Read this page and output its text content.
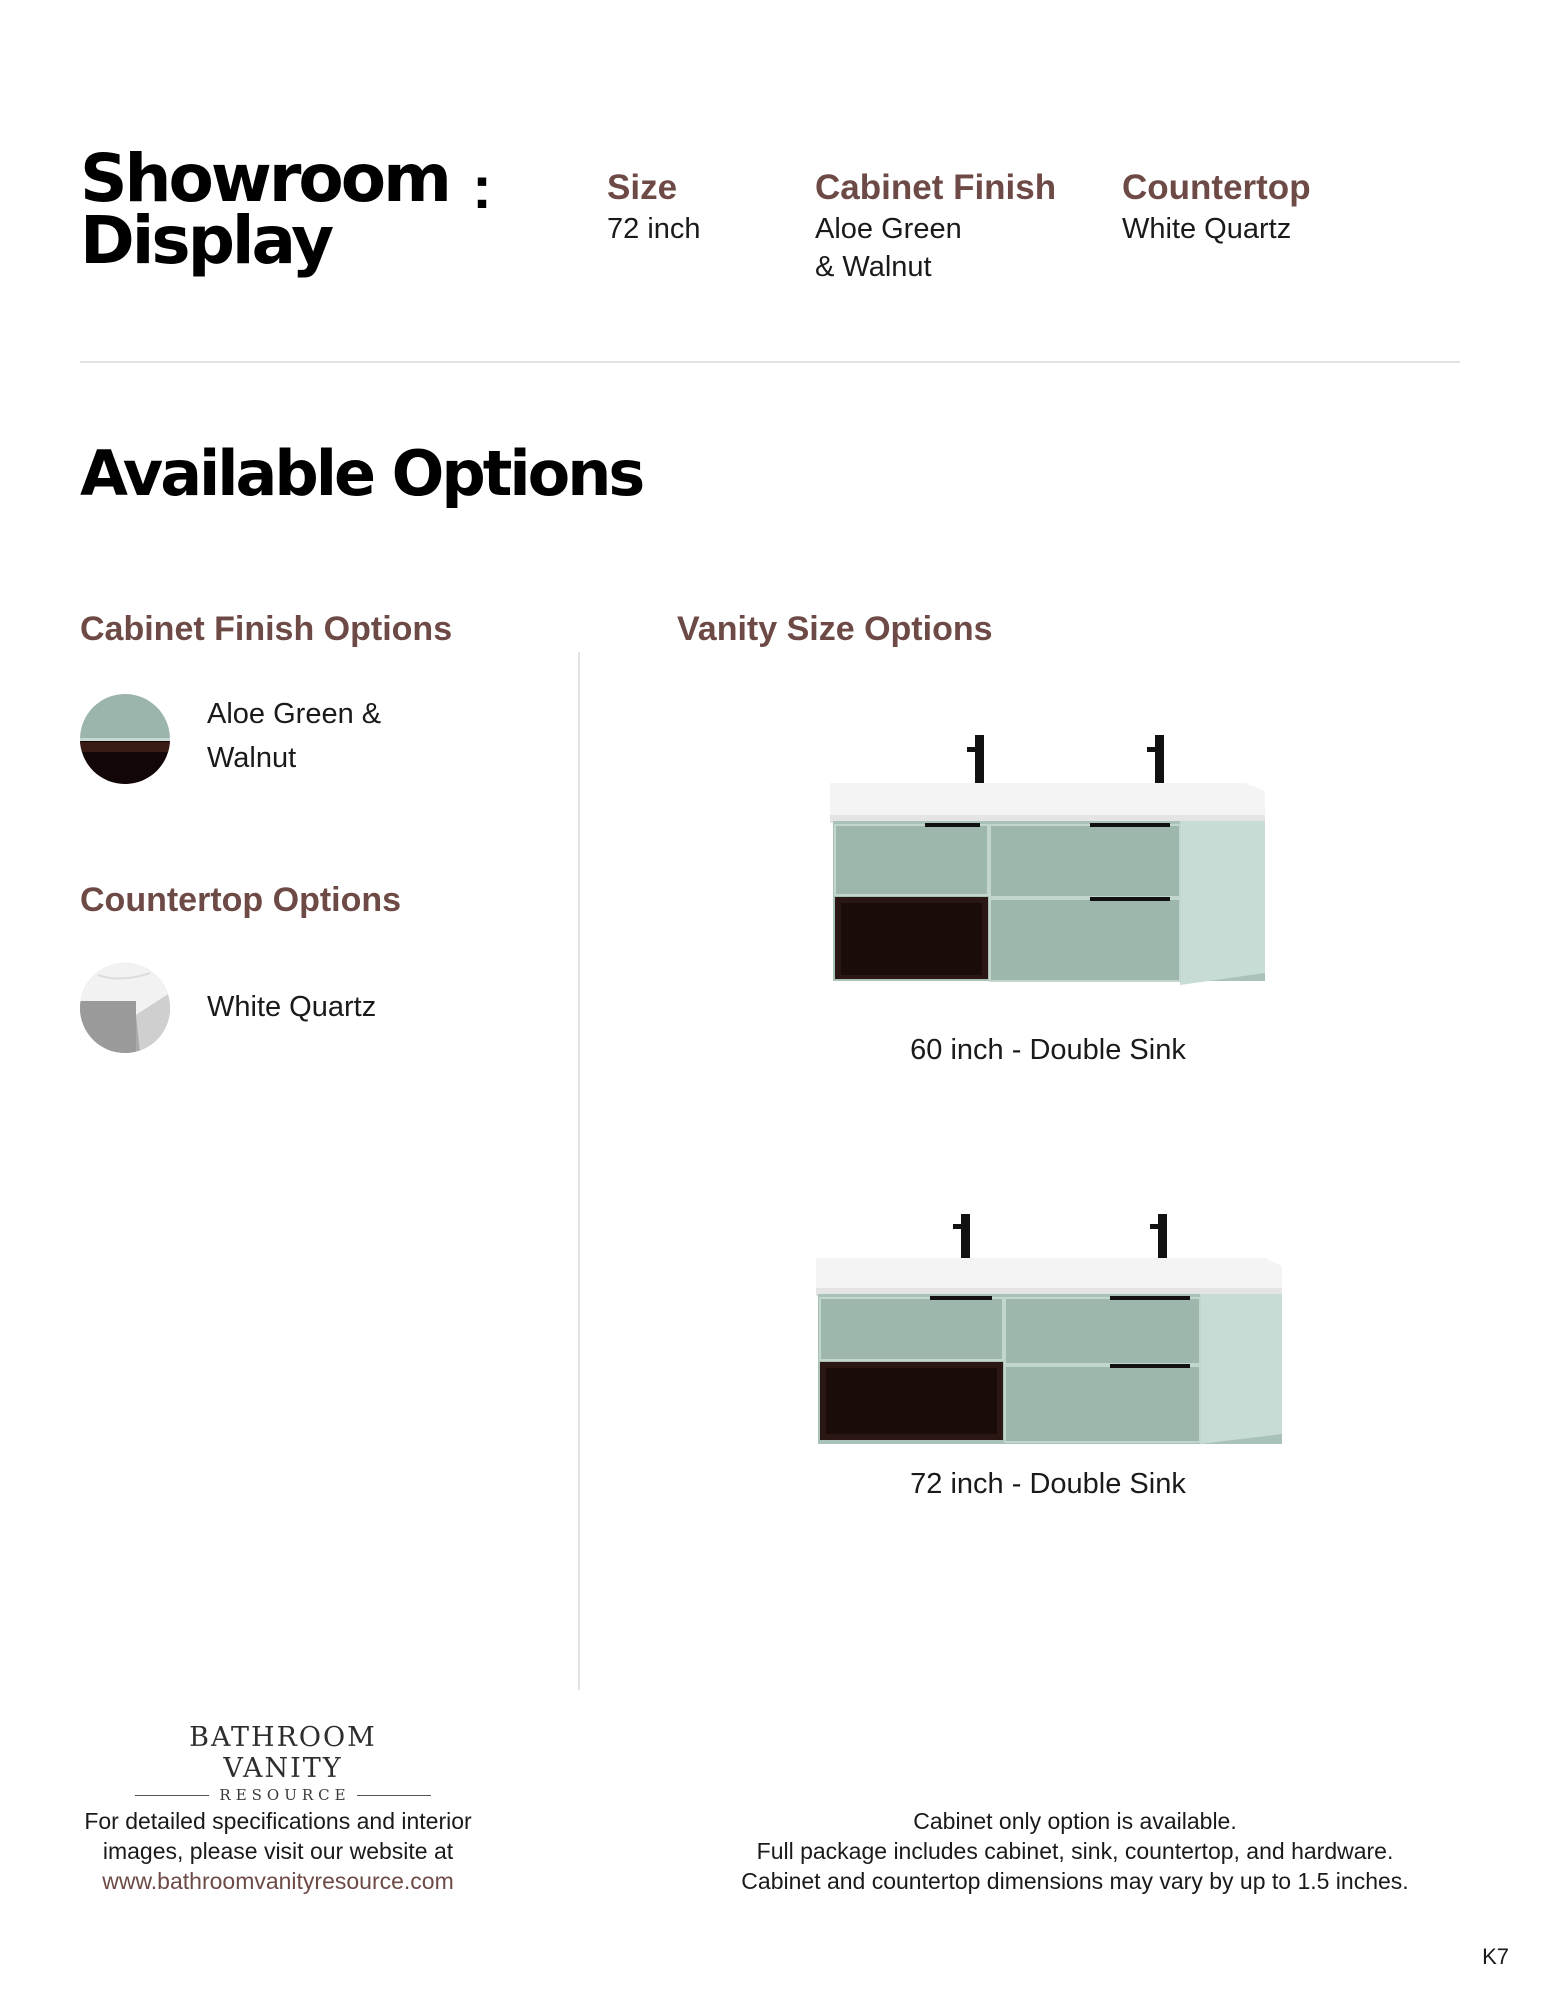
Showroom
Display
:	Size
72 inch
Cabinet Finish
Aloe Green
& Walnut
Countertop
White Quartz
Available Options
Cabinet Finish Options
Aloe Green &
Walnut
Countertop Options
White Quartz
Vanity Size Options
60 inch - Double Sink
72 inch - Double Sink
BATHROOM VANITY
RESOURCE
For detailed specifications and interior
images, please visit our website at
www.bathroomvanityresource.com
Cabinet only option is available.
Full package includes cabinet, sink, countertop, and hardware.
Cabinet and countertop dimensions may vary by up to 1.5 inches.
K7
